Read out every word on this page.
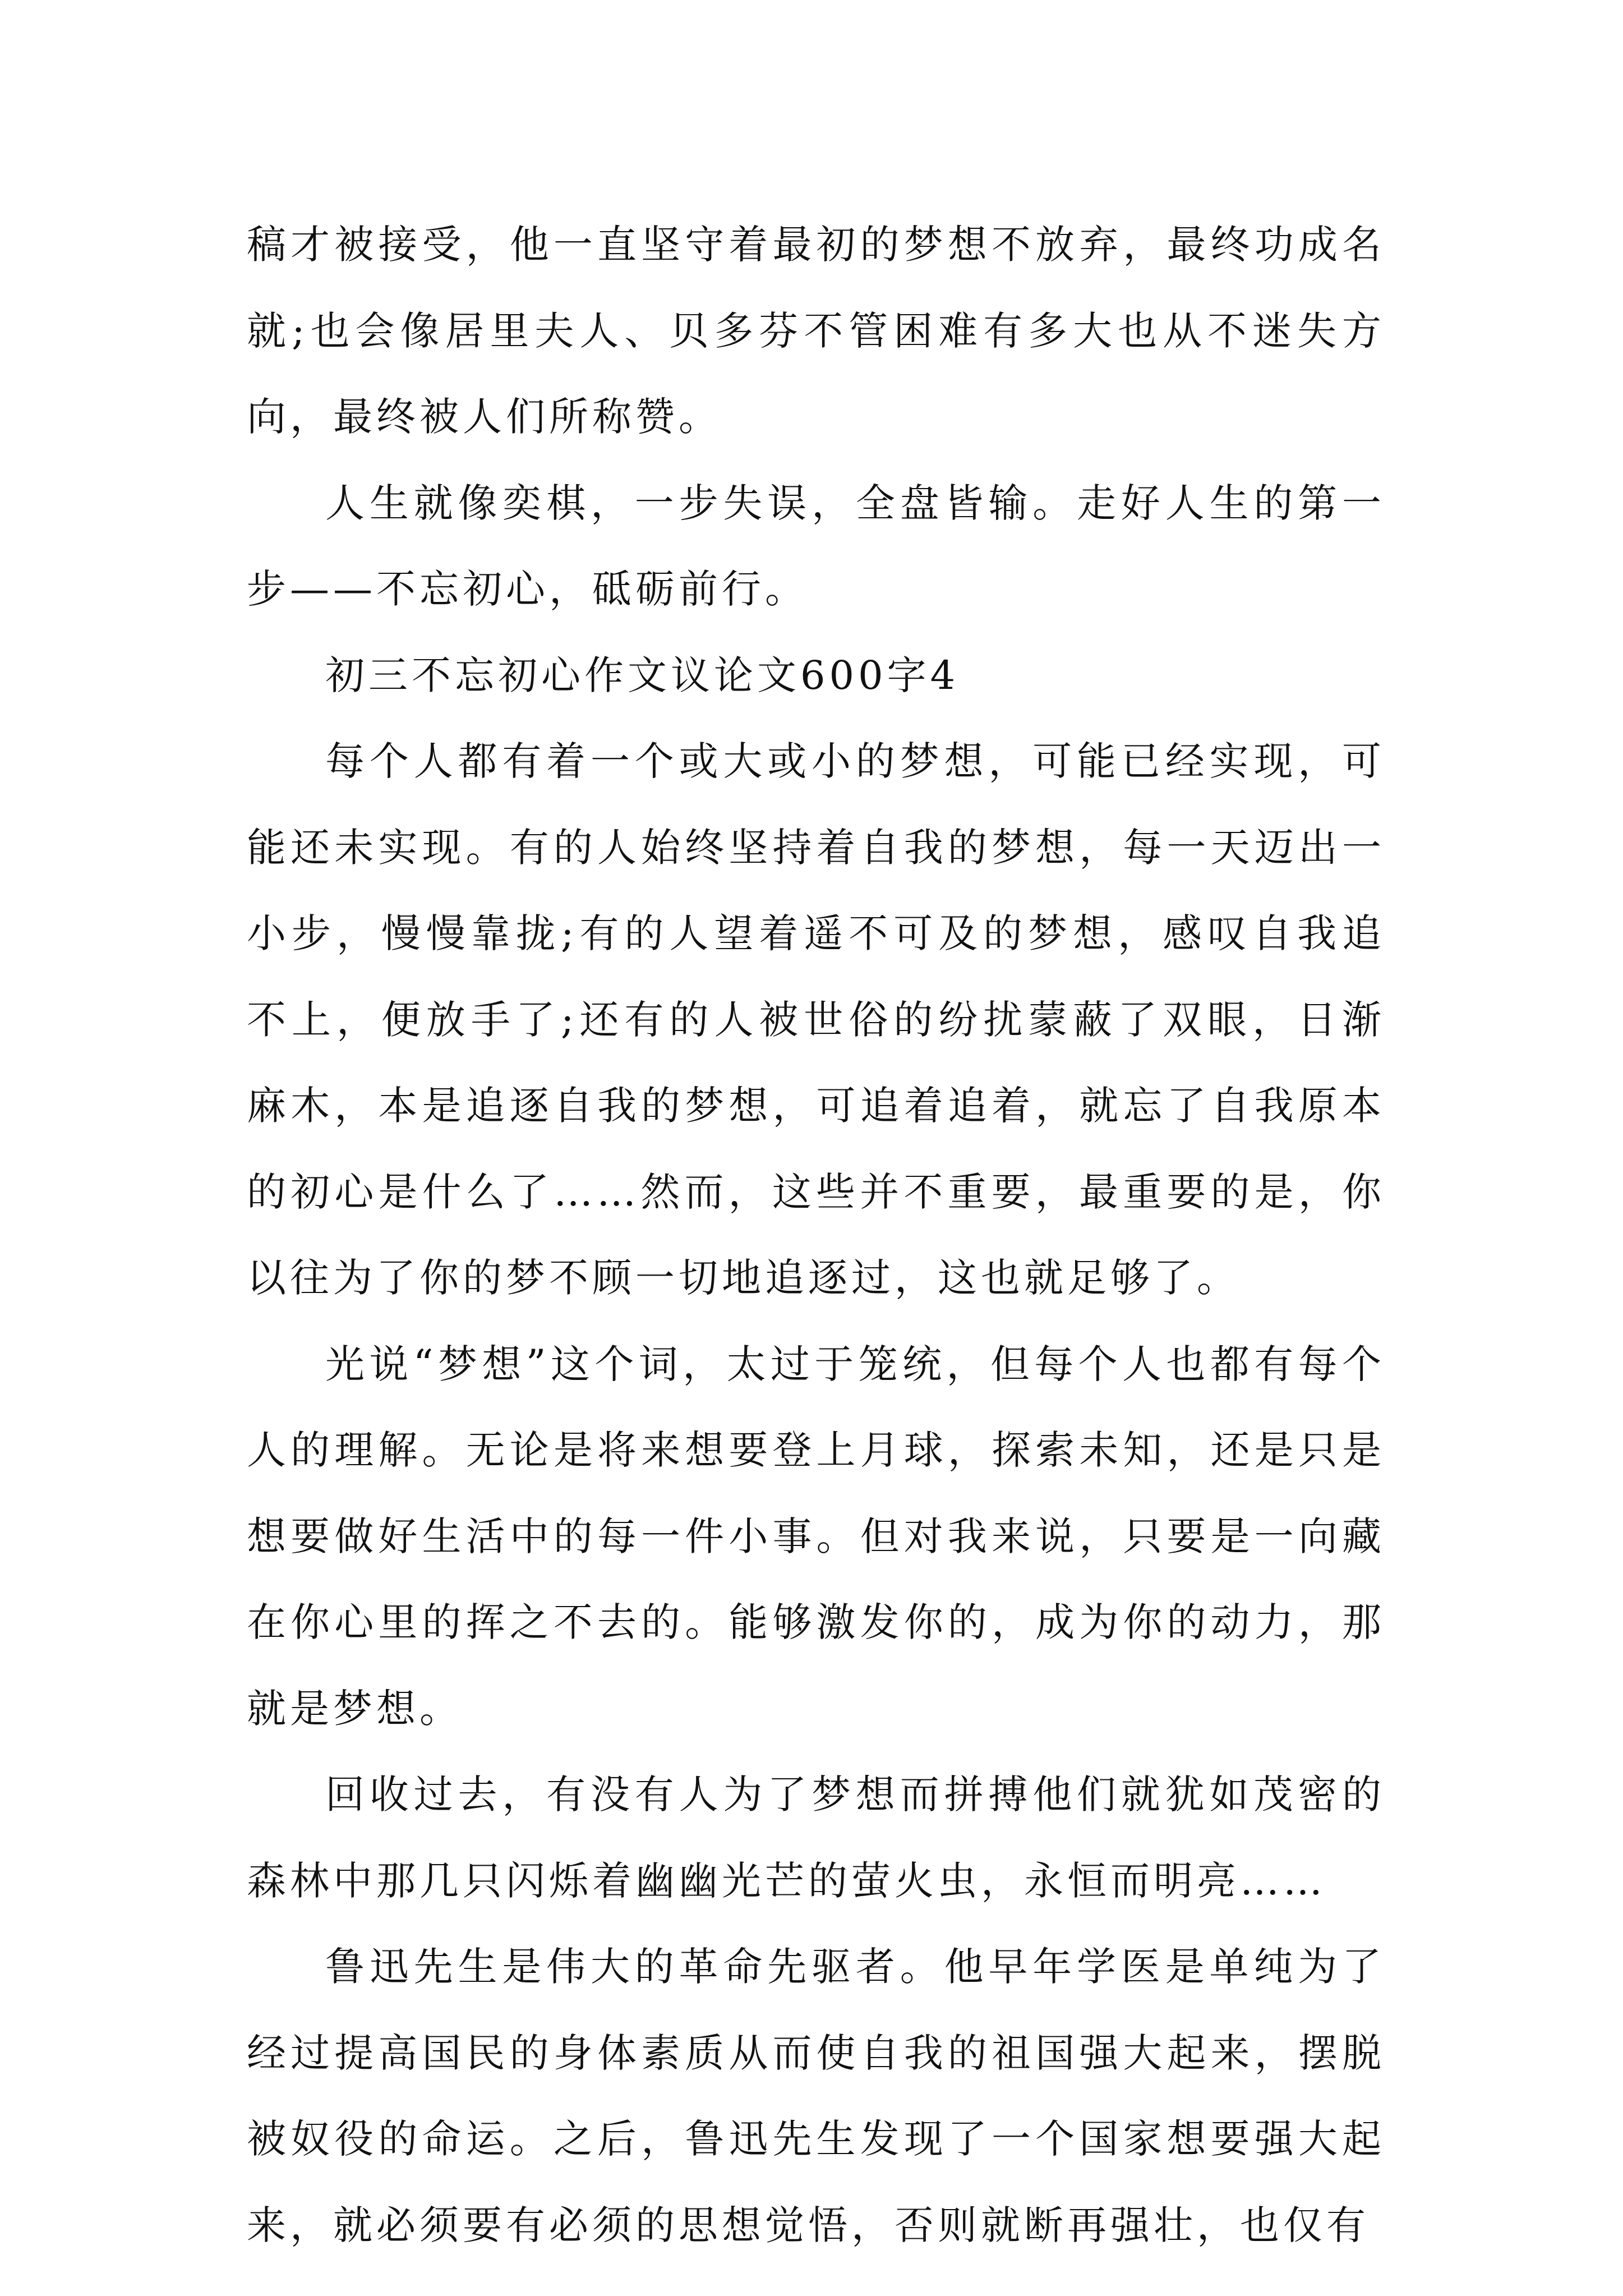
稿才被接受，他一直坚守着最初的梦想不放弃，最终功成名就;也会像居里夫人、贝多芬不管困难有多大也从不迷失方向，最终被人们所称赞。

人生就像奕棋，一步失误，全盘皆输。走好人生的第一步——不忘初心，砥砺前行。

初三不忘初心作文议论文600字4

每个人都有着一个或大或小的梦想，可能已经实现，可能还未实现。有的人始终坚持着自我的梦想，每一天迈出一小步，慢慢靠拢;有的人望着遥不可及的梦想，感叹自我追不上，便放手了;还有的人被世俗的纷扰蒙蔽了双眼，日渐麻木，本是追逐自我的梦想，可追着追着，就忘了自我原本的初心是什么了……然而，这些并不重要，最重要的是，你以往为了你的梦不顾一切地追逐过，这也就足够了。

光说“梦想”这个词，太过于笼统，但每个人也都有每个人的理解。无论是将来想要登上月球，探索未知，还是只是想要做好生活中的每一件小事。但对我来说，只要是一向藏在你心里的挥之不去的。能够激发你的，成为你的动力，那就是梦想。

回收过去，有没有人为了梦想而拼搏他们就犹如茂密的森林中那几只闪烁着幽幽光芒的萤火虫，永恒而明亮……

鲁迅先生是伟大的革命先驱者。他早年学医是单纯为了经过提高国民的身体素质从而使自我的祖国强大起来，摆脱被奴役的命运。之后，鲁迅先生发现了一个国家想要强大起来，就必须要有必须的思想觉悟，否则就断再强壮，也仅有
